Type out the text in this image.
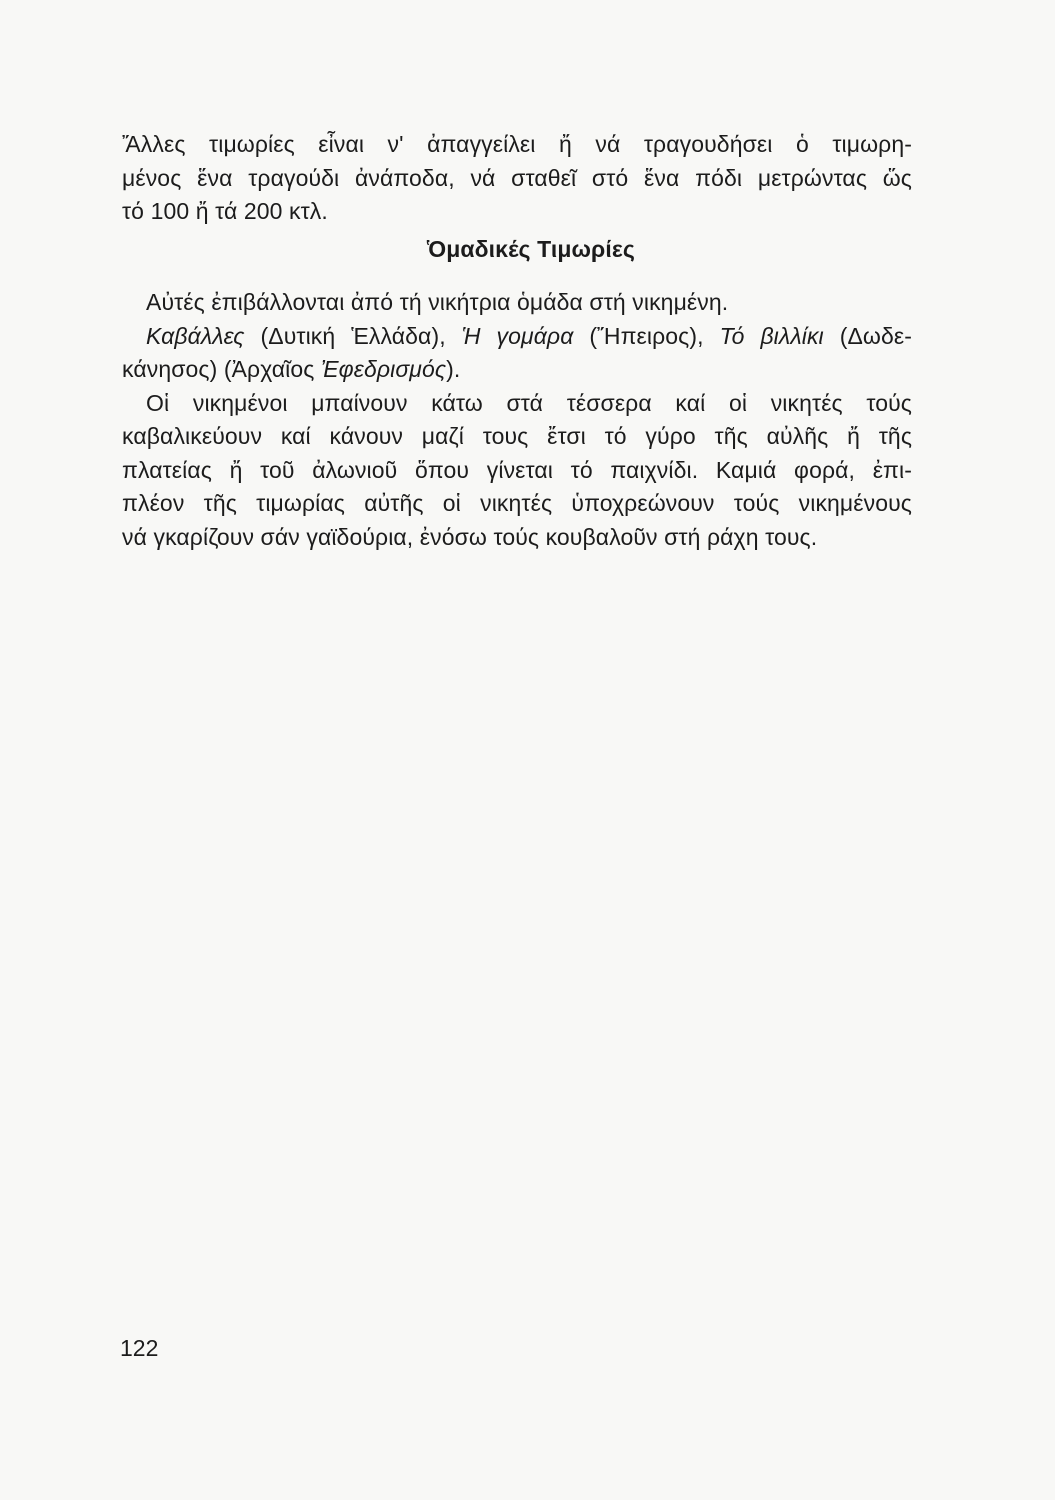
Ἄλλες τιμωρίες εἶναι ν' ἀπαγγείλει ἤ νά τραγουδήσει ὁ τιμωρη-
μένος ἕνα τραγούδι ἀνάποδα, νά σταθεῖ στό ἕνα πόδι μετρώντας ὥς
τό 100 ἤ τά 200 κτλ.
Ὁμαδικές Τιμωρίες
Αὐτές ἐπιβάλλονται ἀπό τή νικήτρια ὁμάδα στή νικημένη.
Καβάλλες (Δυτική Ἑλλάδα), Ἡ γομάρα (Ἤπειρος), Τό βιλλίκι (Δωδε-
κάνησος) (Ἀρχαῖος Ἐφεδρισμός).
Οἱ νικημένοι μπαίνουν κάτω στά τέσσερα καί οἱ νικητές τούς
καβαλικεύουν καί κάνουν μαζί τους ἔτσι τό γύρο τῆς αὐλῆς ἤ τῆς
πλατείας ἤ τοῦ ἀλωνιοῦ ὅπου γίνεται τό παιχνίδι. Καμιά φορά, ἐπι-
πλέον τῆς τιμωρίας αὐτῆς οἱ νικητές ὑποχρεώνουν τούς νικημένους
νά γκαρίζουν σάν γαϊδούρια, ἐνόσω τούς κουβαλοῦν στή ράχη τους.
122
